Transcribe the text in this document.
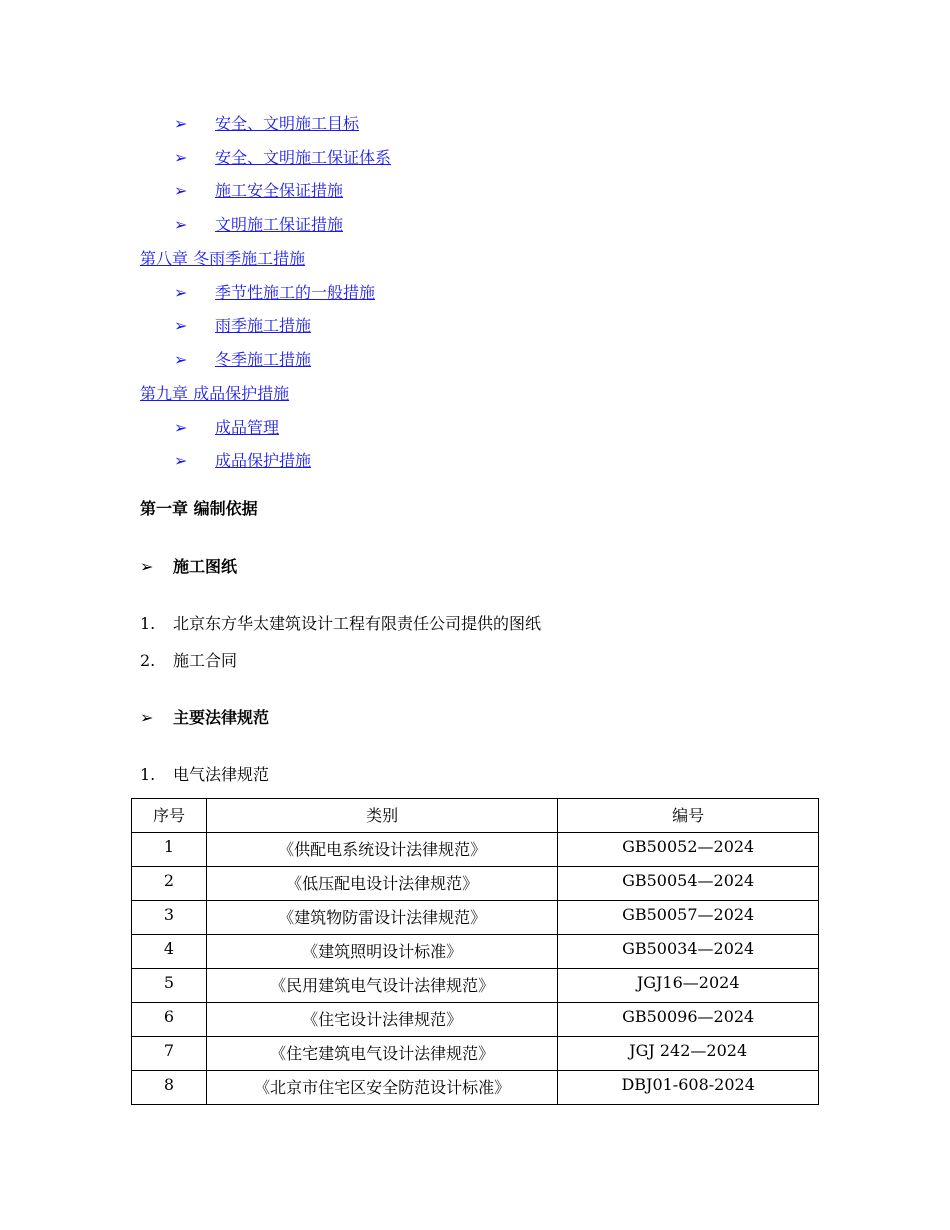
➢ 安全、文明施工目标
➢ 安全、文明施工保证体系
➢ 施工安全保证措施
➢ 文明施工保证措施
第八章 冬雨季施工措施
➢ 季节性施工的一般措施
➢ 雨季施工措施
➢ 冬季施工措施
第九章 成品保护措施
➢ 成品管理
➢ 成品保护措施
第一章 编制依据
➢ 施工图纸
1. 北京东方华太建筑设计工程有限责任公司提供的图纸
2. 施工合同
➢ 主要法律规范
1. 电气法律规范
序号	类别	编号
1	《供配电系统设计法律规范》	GB50052—2024
2	《低压配电设计法律规范》	GB50054—2024
3	《建筑物防雷设计法律规范》	GB50057—2024
4	《建筑照明设计标准》	GB50034—2024
5	《民用建筑电气设计法律规范》	JGJ16—2024
6	《住宅设计法律规范》	GB50096—2024
7	《住宅建筑电气设计法律规范》	JGJ 242—2024
8	《北京市住宅区安全防范设计标准》	DBJ01-608-2024
